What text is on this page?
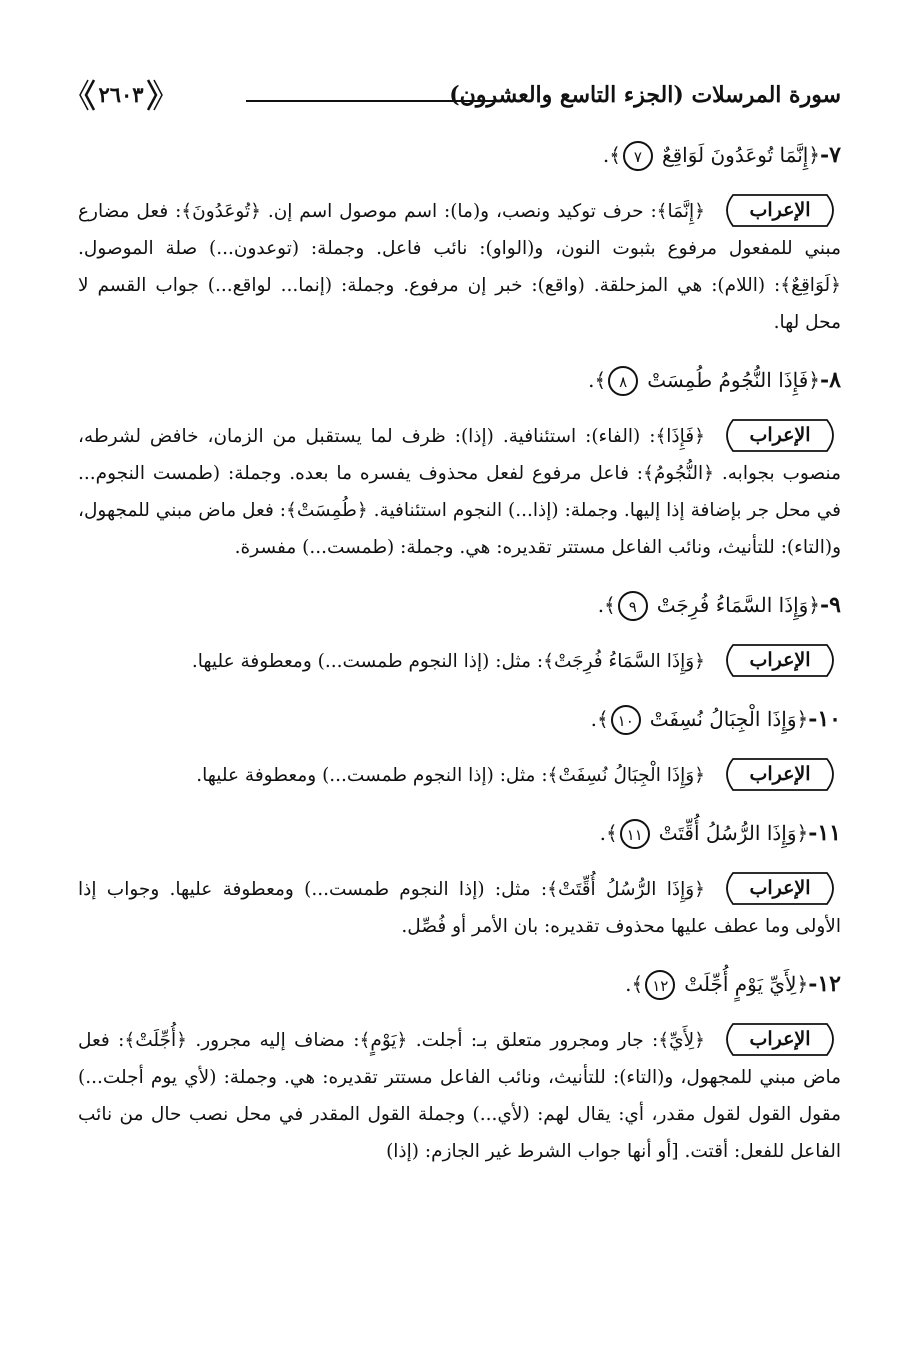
سورة المرسلات (الجزء التاسع والعشرون)
٢٦٠٣
٧-﴿إِنَّمَا تُوعَدُونَ لَوَاقِعٌ ٧﴾.
الإعراب
﴿إِنَّمَا﴾: حرف توكيد ونصب، و(ما): اسم موصول اسم إن. ﴿تُوعَدُونَ﴾: فعل مضارع مبني للمفعول مرفوع بثبوت النون، و(الواو): نائب فاعل. وجملة: (توعدون...) صلة الموصول. ﴿لَوَاقِعٌ﴾: (اللام): هي المزحلقة. (واقع): خبر إن مرفوع. وجملة: (إنما... لواقع...) جواب القسم لا محل لها.
٨-﴿فَإِذَا النُّجُومُ طُمِسَتْ ٨﴾.
الإعراب
﴿فَإِذَا﴾: (الفاء): استئنافية. (إذا): ظرف لما يستقبل من الزمان، خافض لشرطه، منصوب بجوابه. ﴿النُّجُومُ﴾: فاعل مرفوع لفعل محذوف يفسره ما بعده. وجملة: (طمست النجوم... في محل جر بإضافة إذا إليها. وجملة: (إذا...) النجوم استئنافية. ﴿طُمِسَتْ﴾: فعل ماض مبني للمجهول، و(التاء): للتأنيث، ونائب الفاعل مستتر تقديره: هي. وجملة: (طمست...) مفسرة.
٩-﴿وَإِذَا السَّمَاءُ فُرِجَتْ ٩﴾.
الإعراب
﴿وَإِذَا السَّمَاءُ فُرِجَتْ﴾: مثل: (إذا النجوم طمست...) ومعطوفة عليها.
١٠-﴿وَإِذَا الْجِبَالُ نُسِفَتْ ١٠﴾.
الإعراب
﴿وَإِذَا الْجِبَالُ نُسِفَتْ﴾: مثل: (إذا النجوم طمست...) ومعطوفة عليها.
١١-﴿وَإِذَا الرُّسُلُ أُقِّتَتْ ١١﴾.
الإعراب
﴿وَإِذَا الرُّسُلُ أُقِّتَتْ﴾: مثل: (إذا النجوم طمست...) ومعطوفة عليها. وجواب إذا الأولى وما عطف عليها محذوف تقديره: بان الأمر أو فُصِّل.
١٢-﴿لِأَيِّ يَوْمٍ أُجِّلَتْ ١٢﴾.
الإعراب
﴿لِأَيِّ﴾: جار ومجرور متعلق بـ: أجلت. ﴿يَوْمٍ﴾: مضاف إليه مجرور. ﴿أُجِّلَتْ﴾: فعل ماض مبني للمجهول، و(التاء): للتأنيث، ونائب الفاعل مستتر تقديره: هي. وجملة: (لأي يوم أجلت...) مقول القول لقول مقدر، أي: يقال لهم: (لأي...) وجملة القول المقدر في محل نصب حال من نائب الفاعل للفعل: أقتت. [أو أنها جواب الشرط غير الجازم: (إذا)
